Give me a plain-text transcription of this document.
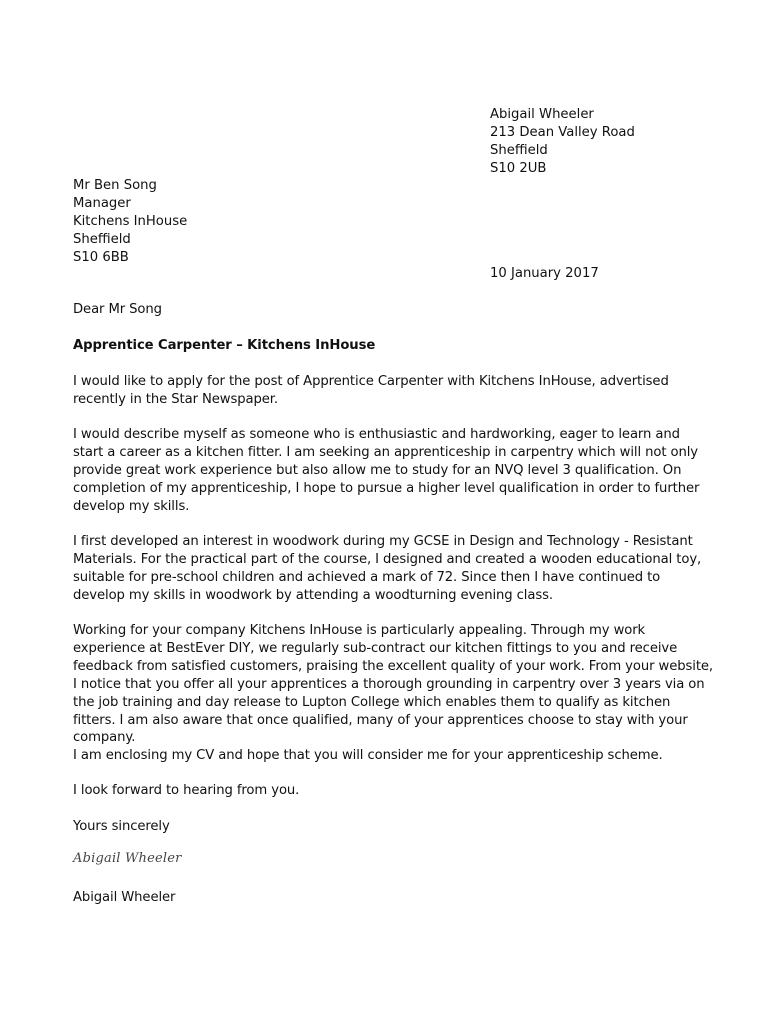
Abigail Wheeler

213 Dean Valley Road

Sheffield

S10 2UB

Mr Ben Song

Manager

Kitchens InHouse

Sheffield

S10 6BB

10 January 2017

Dear Mr Song

Apprentice Carpenter – Kitchens InHouse

I would like to apply for the post of Apprentice Carpenter with Kitchens InHouse, advertised recently in the Star Newspaper.

I would describe myself as someone who is enthusiastic and hardworking, eager to learn and start a career as a kitchen fitter. I am seeking an apprenticeship in carpentry which will not only provide great work experience but also allow me to study for an NVQ level 3 qualification. On completion of my apprenticeship, I hope to pursue a higher level qualification in order to further develop my skills.

I first developed an interest in woodwork during my GCSE in Design and Technology - Resistant Materials. For the practical part of the course, I designed and created a wooden educational toy, suitable for pre-school children and achieved a mark of 72. Since then I have continued to develop my skills in woodwork by attending a woodturning evening class.

Working for your company Kitchens InHouse is particularly appealing. Through my work experience at BestEver DIY, we regularly sub-contract our kitchen fittings to you and receive feedback from satisfied customers, praising the excellent quality of your work. From your website, I notice that you offer all your apprentices a thorough grounding in carpentry over 3 years via on the job training and day release to Lupton College which enables them to qualify as kitchen fitters. I am also aware that once qualified, many of your apprentices choose to stay with your company.

I am enclosing my CV and hope that you will consider me for your apprenticeship scheme.

I look forward to hearing from you.

Yours sincerely

Abigail Wheeler

Abigail Wheeler
